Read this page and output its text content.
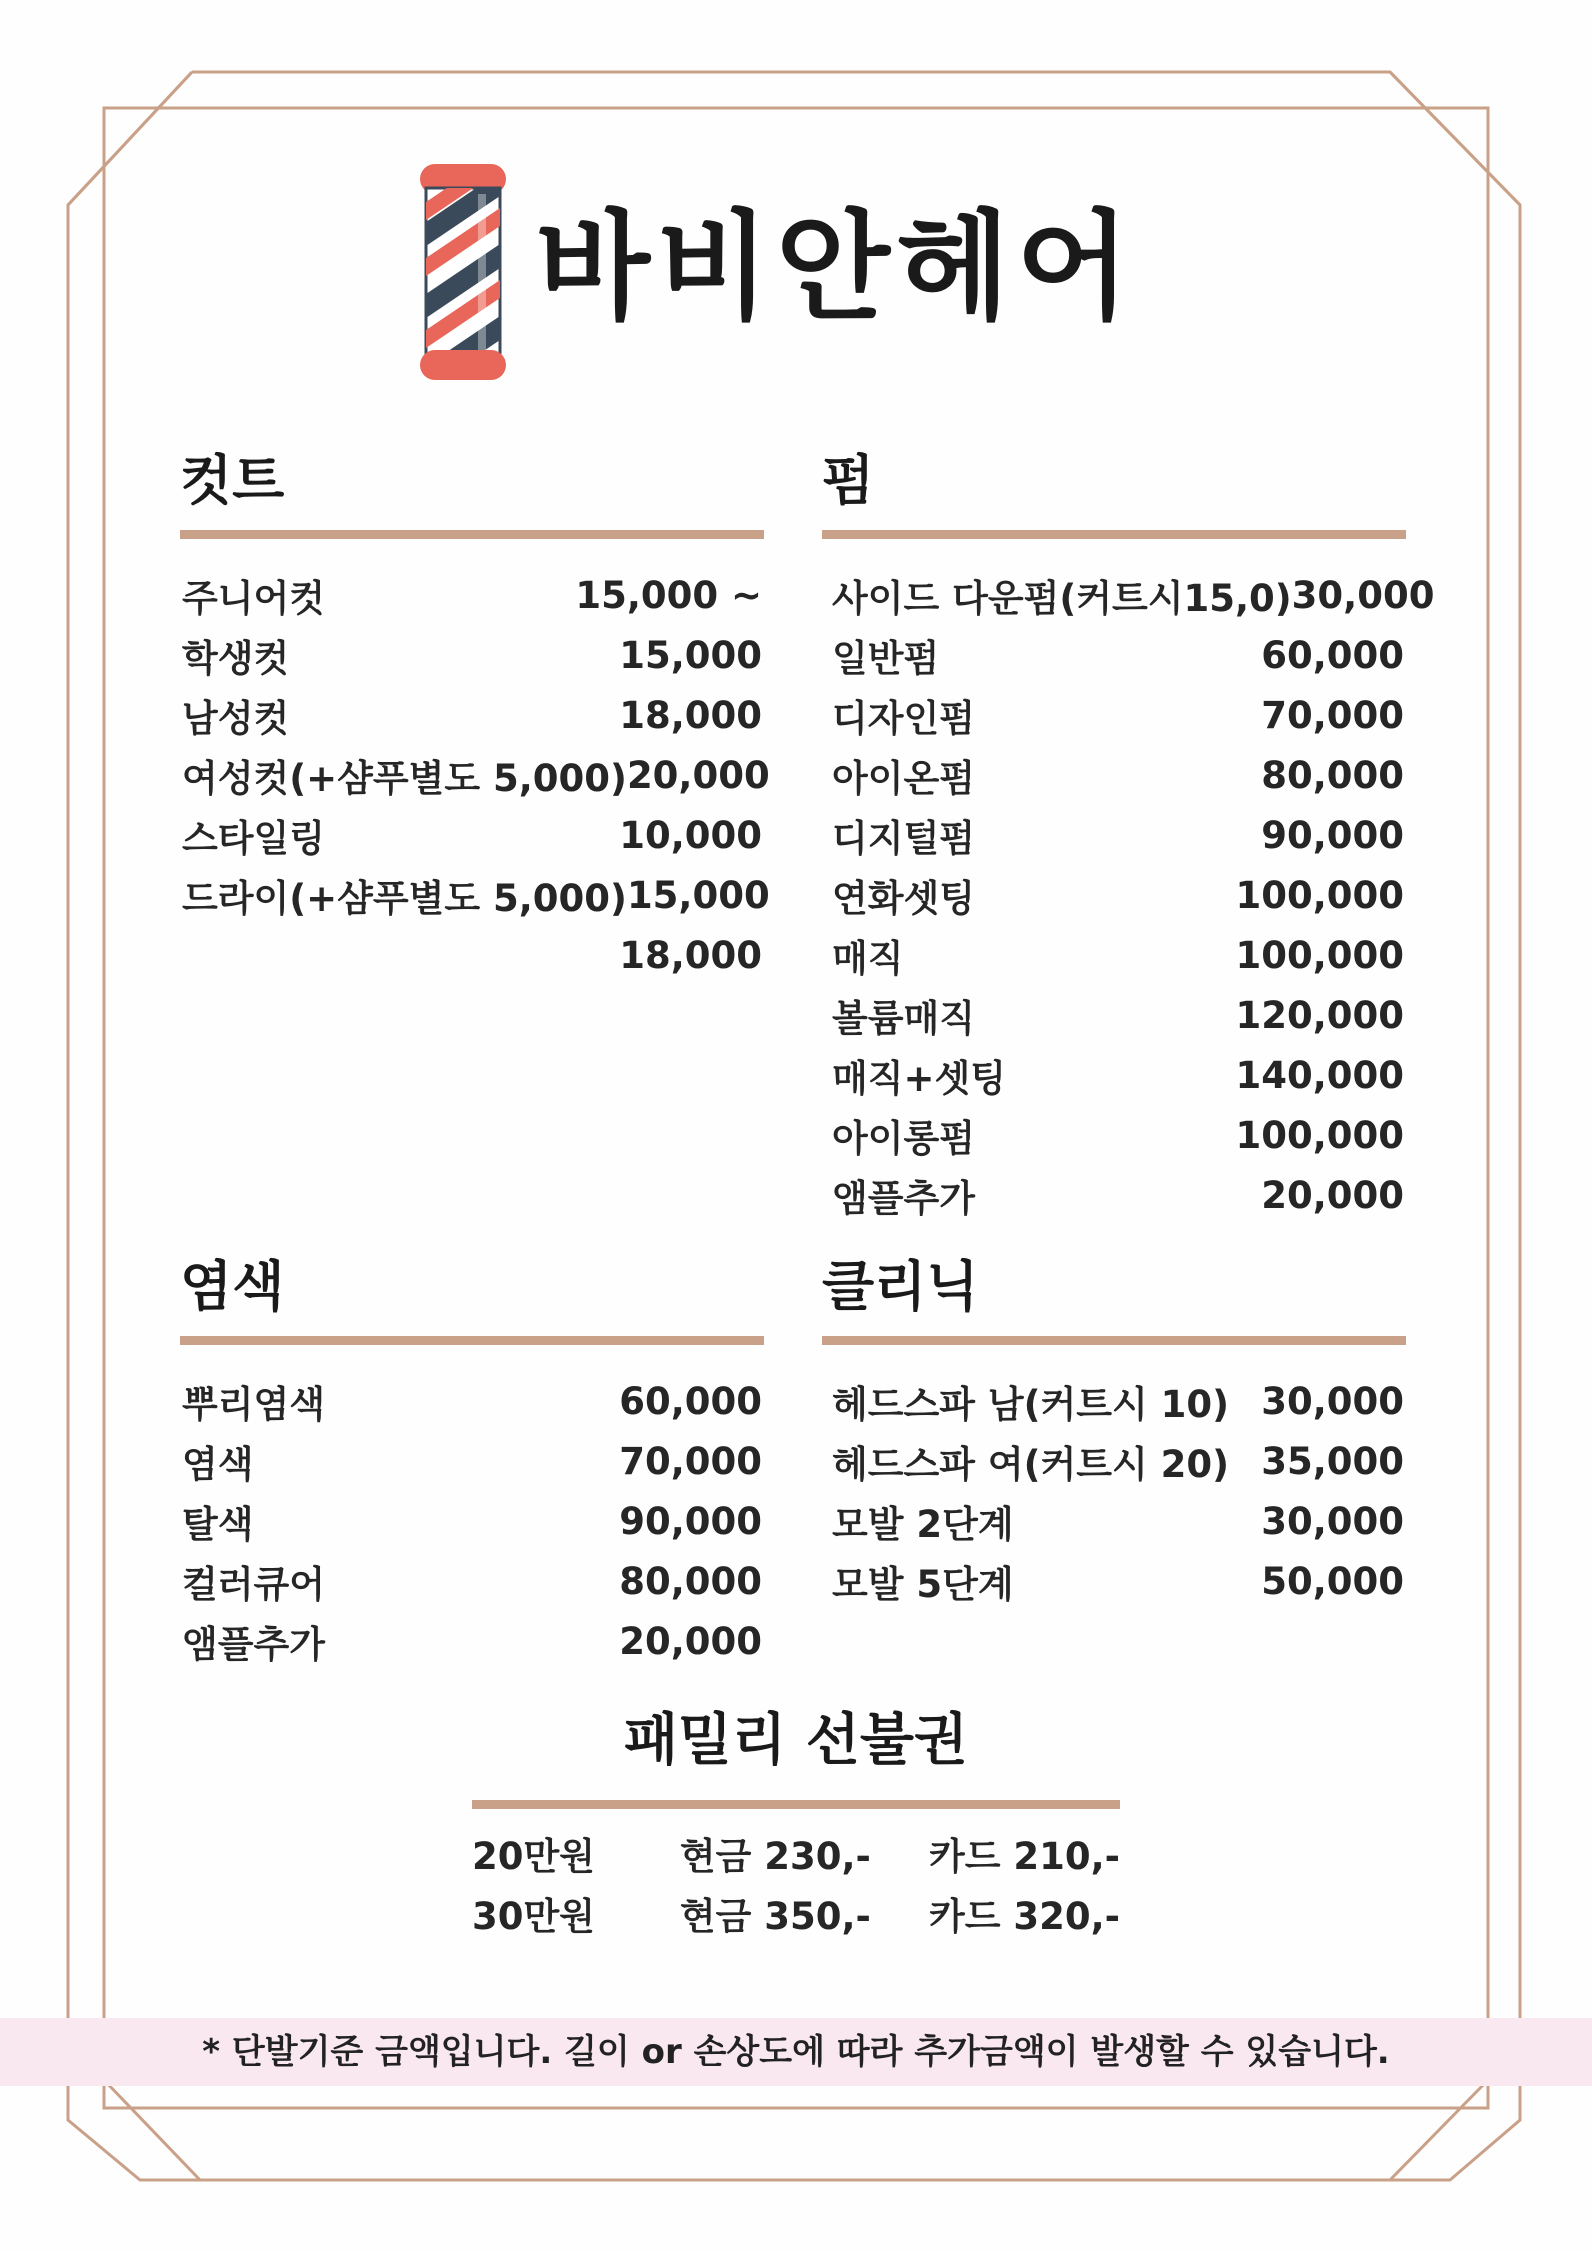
바비안헤어
컷트
주니어컷	15,000 ~
학생컷	15,000
남성컷	18,000
여성컷(+샴푸별도 5,000) 20,000
스타일링	10,000
드라이(+샴푸별도 5,000) 15,000
18,000
펌
사이드 다운펌(커트시15,0) 30,000
일반펌	60,000
디자인펌	70,000
아이온펌	80,000
디지털펌	90,000
연화셋팅	100,000
매직	100,000
볼륨매직	120,000
매직+셋팅	140,000
아이롱펌	100,000
앰플추가	20,000
염색
뿌리염색	60,000
염색	70,000
탈색	90,000
컬러큐어	80,000
앰플추가	20,000
클리닉
헤드스파 남(커트시 10) 30,000
헤드스파 여(커트시 20) 35,000
모발 2단계	30,000
모발 5단계	50,000
패밀리 선불권
20만원	현금 230,-	카드 210,-
30만원	현금 350,-	카드 320,-
* 단발기준 금액입니다. 길이 or 손상도에 따라 추가금액이 발생할 수 있습니다.
